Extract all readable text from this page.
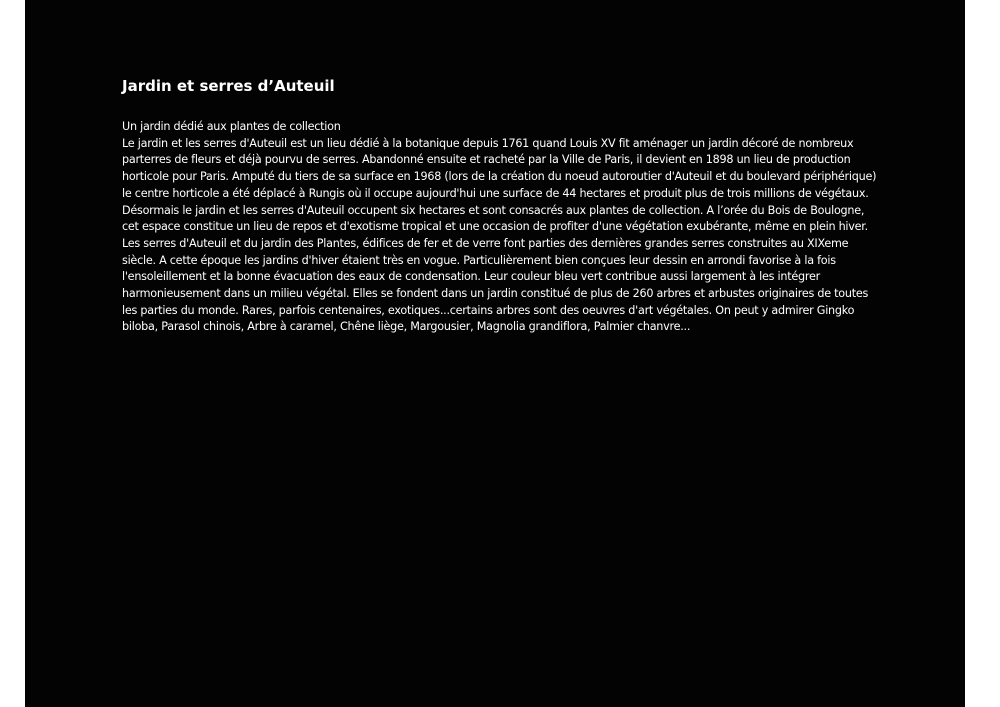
Jardin et serres d’Auteuil

Un jardin dédié aux plantes de collection

Le jardin et les serres d'Auteuil est un lieu dédié à la botanique depuis 1761 quand Louis XV fit aménager un jardin décoré de nombreux parterres de fleurs et déjà pourvu de serres. Abandonné ensuite et racheté par la Ville de Paris, il devient en 1898 un lieu de production horticole pour Paris. Amputé du tiers de sa surface en 1968 (lors de la création du noeud autoroutier d'Auteuil et du boulevard périphérique) le centre horticole a été déplacé à Rungis où il occupe aujourd'hui une surface de 44 hectares et produit plus de trois millions de végétaux. Désormais le jardin et les serres d'Auteuil occupent six hectares et sont consacrés aux plantes de collection. A l’orée du Bois de Boulogne, cet espace constitue un lieu de repos et d'exotisme tropical et une occasion de profiter d'une végétation exubérante, même en plein hiver.

Les serres d'Auteuil et du jardin des Plantes, édifices de fer et de verre font parties des dernières grandes serres construites au XIXeme siècle. A cette époque les jardins d'hiver étaient très en vogue. Particulièrement bien conçues leur dessin en arrondi favorise à la fois l'ensoleillement et la bonne évacuation des eaux de condensation. Leur couleur bleu vert contribue aussi largement à les intégrer harmonieusement dans un milieu végétal. Elles se fondent dans un jardin constitué de plus de 260 arbres et arbustes originaires de toutes les parties du monde. Rares, parfois centenaires, exotiques...certains arbres sont des oeuvres d'art végétales. On peut y admirer Gingko biloba, Parasol chinois, Arbre à caramel, Chêne liège, Margousier, Magnolia grandiflora, Palmier chanvre...
